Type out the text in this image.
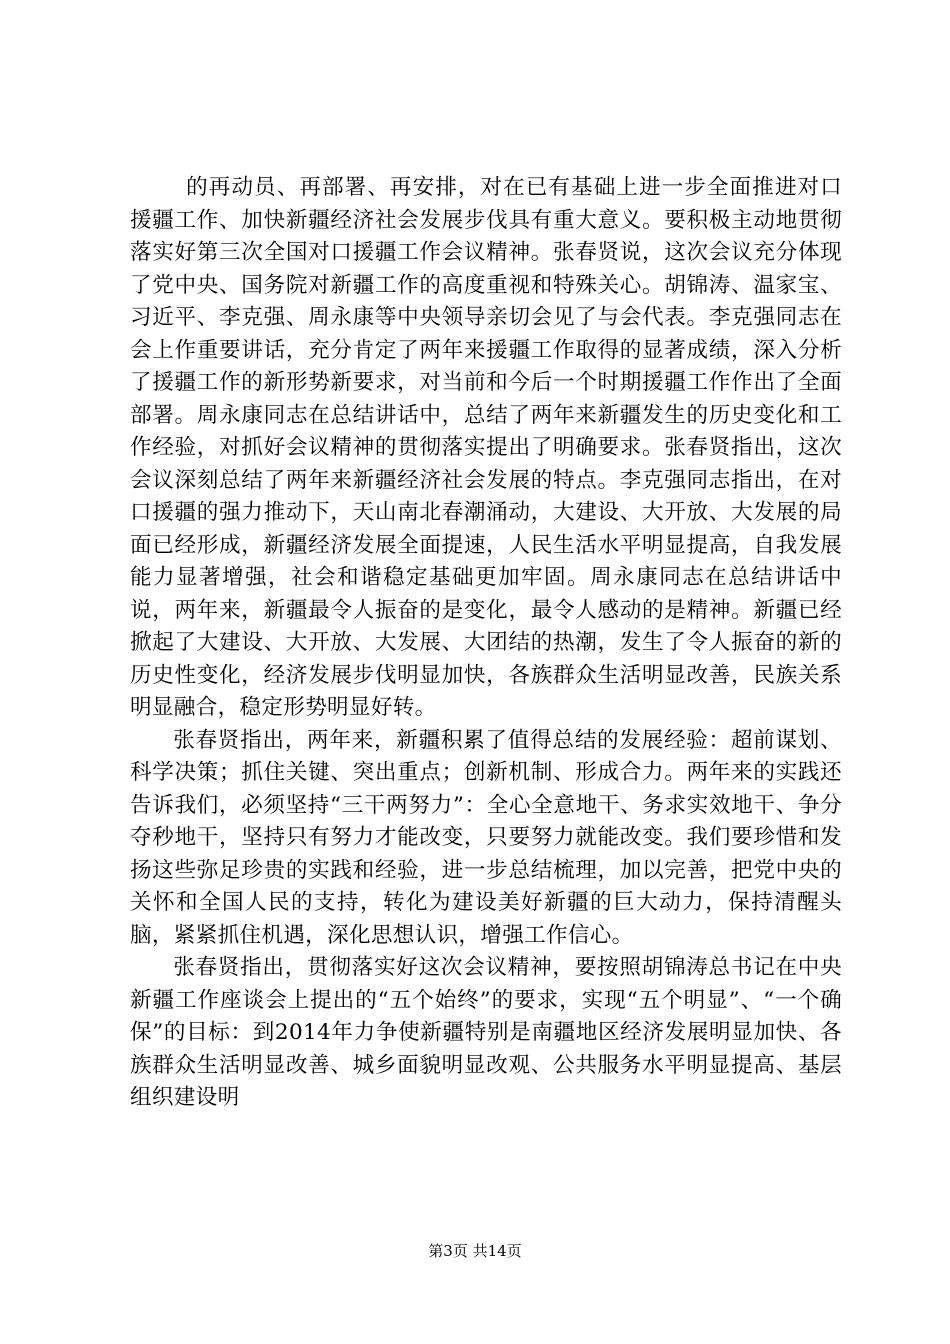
的再动员、再部署、再安排，对在已有基础上进一步全面推进对口援疆工作、加快新疆经济社会发展步伐具有重大意义。要积极主动地贯彻落实好第三次全国对口援疆工作会议精神。张春贤说，这次会议充分体现了党中央、国务院对新疆工作的高度重视和特殊关心。胡锦涛、温家宝、习近平、李克强、周永康等中央领导亲切会见了与会代表。李克强同志在会上作重要讲话，充分肯定了两年来援疆工作取得的显著成绩，深入分析了援疆工作的新形势新要求，对当前和今后一个时期援疆工作作出了全面部署。周永康同志在总结讲话中，总结了两年来新疆发生的历史变化和工作经验，对抓好会议精神的贯彻落实提出了明确要求。张春贤指出，这次会议深刻总结了两年来新疆经济社会发展的特点。李克强同志指出，在对口援疆的强力推动下，天山南北春潮涌动，大建设、大开放、大发展的局面已经形成，新疆经济发展全面提速，人民生活水平明显提高，自我发展能力显著增强，社会和谐稳定基础更加牢固。周永康同志在总结讲话中说，两年来，新疆最令人振奋的是变化，最令人感动的是精神。新疆已经掀起了大建设、大开放、大发展、大团结的热潮，发生了令人振奋的新的历史性变化，经济发展步伐明显加快，各族群众生活明显改善，民族关系明显融合，稳定形势明显好转。

张春贤指出，两年来，新疆积累了值得总结的发展经验：超前谋划、科学决策；抓住关键、突出重点；创新机制、形成合力。两年来的实践还告诉我们，必须坚持“三干两努力”：全心全意地干、务求实效地干、争分夺秒地干，坚持只有努力才能改变，只要努力就能改变。我们要珍惜和发扬这些弥足珍贵的实践和经验，进一步总结梳理，加以完善，把党中央的关怀和全国人民的支持，转化为建设美好新疆的巨大动力，保持清醒头脑，紧紧抓住机遇，深化思想认识，增强工作信心。

张春贤指出，贯彻落实好这次会议精神，要按照胡锦涛总书记在中央新疆工作座谈会上提出的“五个始终”的要求，实现“五个明显”、“一个确保”的目标：到2014年力争使新疆特别是南疆地区经济发展明显加快、各族群众生活明显改善、城乡面貌明显改观、公共服务水平明显提高、基层组织建设明

第3页 共14页
